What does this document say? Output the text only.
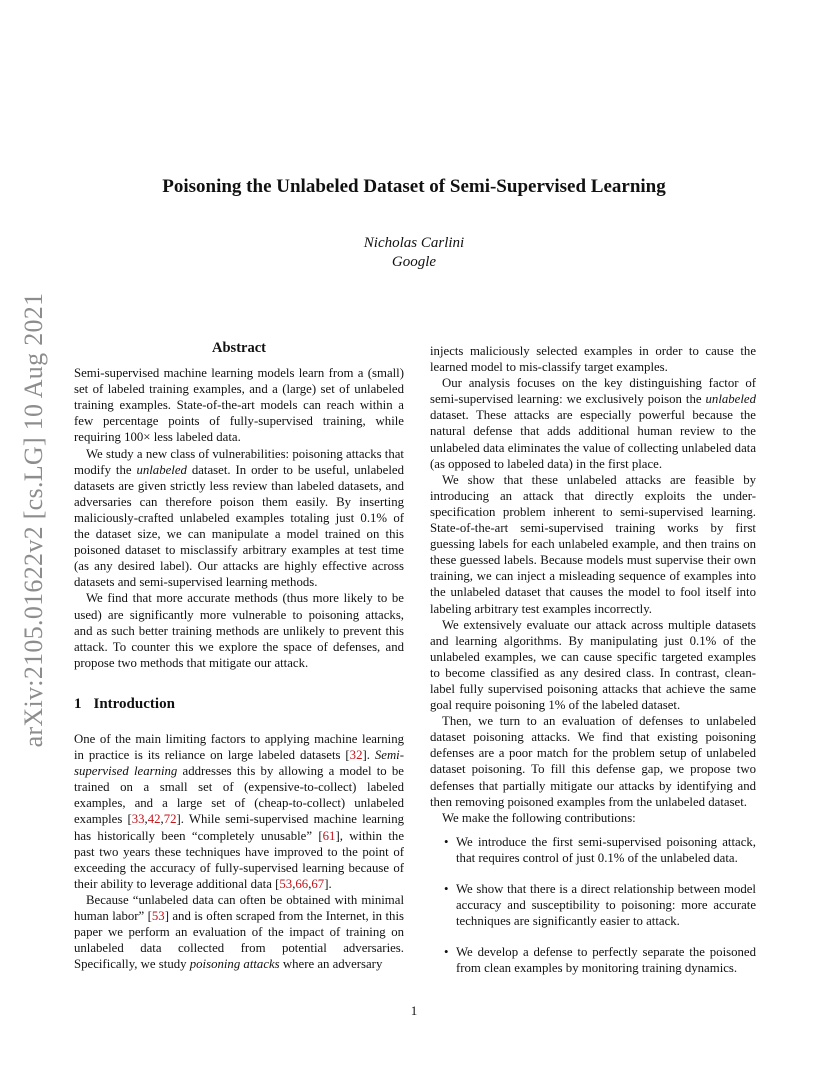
arXiv:2105.01622v2 [cs.LG] 10 Aug 2021
Poisoning the Unlabeled Dataset of Semi-Supervised Learning
Nicholas Carlini
Google
Abstract

Semi-supervised machine learning models learn from a (small) set of labeled training examples, and a (large) set of unlabeled training examples. State-of-the-art models can reach within a few percentage points of fully-supervised training, while requiring 100× less labeled data.

We study a new class of vulnerabilities: poisoning attacks that modify the unlabeled dataset. In order to be useful, unlabeled datasets are given strictly less review than labeled datasets, and adversaries can therefore poison them easily. By inserting maliciously-crafted unlabeled examples totaling just 0.1% of the dataset size, we can manipulate a model trained on this poisoned dataset to misclassify arbitrary examples at test time (as any desired label). Our attacks are highly effective across datasets and semi-supervised learning methods.

We find that more accurate methods (thus more likely to be used) are significantly more vulnerable to poisoning attacks, and as such better training methods are unlikely to prevent this attack. To counter this we explore the space of defenses, and propose two methods that mitigate our attack.

1 Introduction

One of the main limiting factors to applying machine learning in practice is its reliance on large labeled datasets [32]. Semi-supervised learning addresses this by allowing a model to be trained on a small set of (expensive-to-collect) labeled examples, and a large set of (cheap-to-collect) unlabeled examples [33,42,72]. While semi-supervised machine learning has historically been “completely unusable” [61], within the past two years these techniques have improved to the point of exceeding the accuracy of fully-supervised learning because of their ability to leverage additional data [53,66,67].

Because “unlabeled data can often be obtained with minimal human labor” [53] and is often scraped from the Internet, in this paper we perform an evaluation of the impact of training on unlabeled data collected from potential adversaries. Specifically, we study poisoning attacks where an adversary

injects maliciously selected examples in order to cause the learned model to mis-classify target examples.

Our analysis focuses on the key distinguishing factor of semi-supervised learning: we exclusively poison the unlabeled dataset. These attacks are especially powerful because the natural defense that adds additional human review to the unlabeled data eliminates the value of collecting unlabeled data (as opposed to labeled data) in the first place.

We show that these unlabeled attacks are feasible by introducing an attack that directly exploits the under-specification problem inherent to semi-supervised learning. State-of-the-art semi-supervised training works by first guessing labels for each unlabeled example, and then trains on these guessed labels. Because models must supervise their own training, we can inject a misleading sequence of examples into the unlabeled dataset that causes the model to fool itself into labeling arbitrary test examples incorrectly.

We extensively evaluate our attack across multiple datasets and learning algorithms. By manipulating just 0.1% of the unlabeled examples, we can cause specific targeted examples to become classified as any desired class. In contrast, clean-label fully supervised poisoning attacks that achieve the same goal require poisoning 1% of the labeled dataset.

Then, we turn to an evaluation of defenses to unlabeled dataset poisoning attacks. We find that existing poisoning defenses are a poor match for the problem setup of unlabeled dataset poisoning. To fill this defense gap, we propose two defenses that partially mitigate our attacks by identifying and then removing poisoned examples from the unlabeled dataset.

We make the following contributions:

• We introduce the first semi-supervised poisoning attack, that requires control of just 0.1% of the unlabeled data.
• We show that there is a direct relationship between model accuracy and susceptibility to poisoning: more accurate techniques are significantly easier to attack.
• We develop a defense to perfectly separate the poisoned from clean examples by monitoring training dynamics.
1
